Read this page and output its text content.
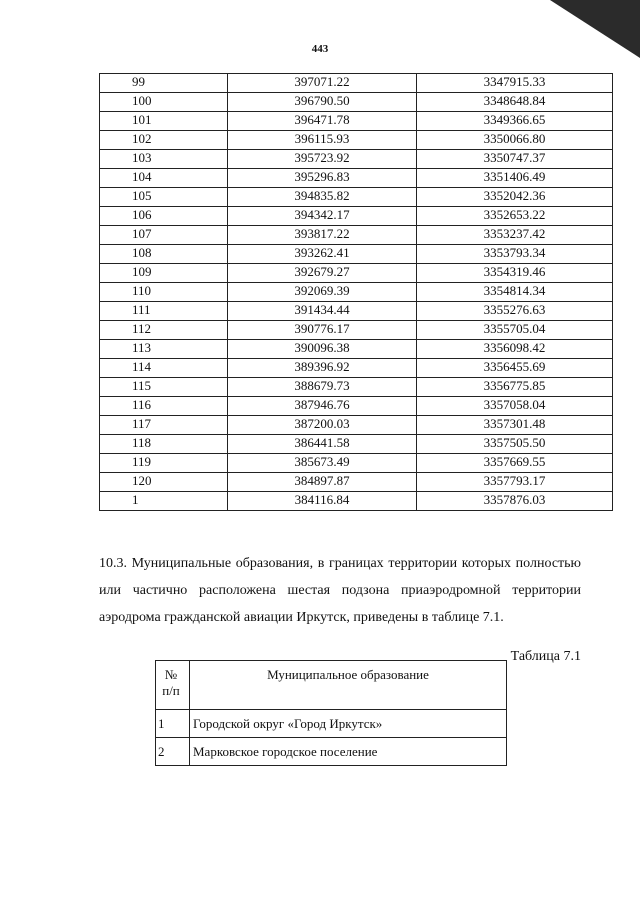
443
99	397071.22	3347915.33
100	396790.50	3348648.84
101	396471.78	3349366.65
102	396115.93	3350066.80
103	395723.92	3350747.37
104	395296.83	3351406.49
105	394835.82	3352042.36
106	394342.17	3352653.22
107	393817.22	3353237.42
108	393262.41	3353793.34
109	392679.27	3354319.46
110	392069.39	3354814.34
111	391434.44	3355276.63
112	390776.17	3355705.04
113	390096.38	3356098.42
114	389396.92	3356455.69
115	388679.73	3356775.85
116	387946.76	3357058.04
117	387200.03	3357301.48
118	386441.58	3357505.50
119	385673.49	3357669.55
120	384897.87	3357793.17
1	384116.84	3357876.03
10.3. Муниципальные образования, в границах территории которых полностью или частично расположена шестая подзона приаэродромной территории аэродрома гражданской авиации Иркутск, приведены в таблице 7.1.
Таблица 7.1
№
п/п	Муниципальное образование
1	Городской округ «Город Иркутск»
2	Марковское городское поселение
